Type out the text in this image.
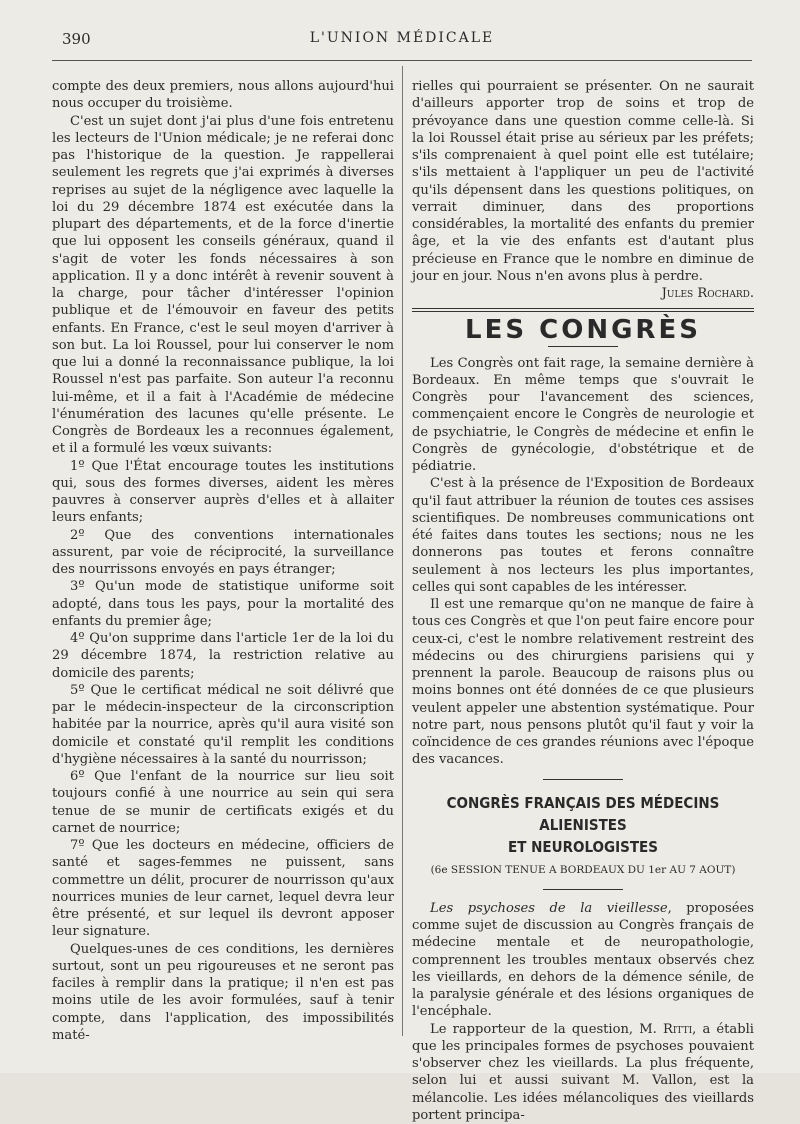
390	L'UNION MÉDICALE

compte des deux premiers, nous allons aujourd'hui nous occuper du troisième.

C'est un sujet dont j'ai plus d'une fois entretenu les lecteurs de l'Union médicale; je ne referai donc pas l'historique de la question. Je rappellerai seulement les regrets que j'ai exprimés à diverses reprises au sujet de la négligence avec laquelle la loi du 29 décembre 1874 est exécutée dans la plupart des départements, et de la force d'inertie que lui opposent les conseils généraux, quand il s'agit de voter les fonds nécessaires à son application. Il y a donc intérêt à revenir souvent à la charge, pour tâcher d'intéresser l'opinion publique et de l'émouvoir en faveur des petits enfants. En France, c'est le seul moyen d'arriver à son but. La loi Roussel, pour lui conserver le nom que lui a donné la reconnaissance publique, la loi Roussel n'est pas parfaite. Son auteur l'a reconnu lui-même, et il a fait à l'Académie de médecine l'énumération des lacunes qu'elle présente. Le Congrès de Bordeaux les a reconnues également, et il a formulé les vœux suivants:

1º Que l'État encourage toutes les institutions qui, sous des formes diverses, aident les mères pauvres à conserver auprès d'elles et à allaiter leurs enfants;

2º Que des conventions internationales assurent, par voie de réciprocité, la surveillance des nourrissons envoyés en pays étranger;

3º Qu'un mode de statistique uniforme soit adopté, dans tous les pays, pour la mortalité des enfants du premier âge;

4º Qu'on supprime dans l'article 1er de la loi du 29 décembre 1874, la restriction relative au domicile des parents;

5º Que le certificat médical ne soit délivré que par le médecin-inspecteur de la circonscription habitée par la nourrice, après qu'il aura visité son domicile et constaté qu'il remplit les conditions d'hygiène nécessaires à la santé du nourrisson;

6º Que l'enfant de la nourrice sur lieu soit toujours confié à une nourrice au sein qui sera tenue de se munir de certificats exigés et du carnet de nourrice;

7º Que les docteurs en médecine, officiers de santé et sages-femmes ne puissent, sans commettre un délit, procurer de nourrisson qu'aux nourrices munies de leur carnet, lequel devra leur être présenté, et sur lequel ils devront apposer leur signature.

Quelques-unes de ces conditions, les dernières surtout, sont un peu rigoureuses et ne seront pas faciles à remplir dans la pratique; il n'en est pas moins utile de les avoir formulées, sauf à tenir compte, dans l'application, des impossibilités maté-

rielles qui pourraient se présenter. On ne saurait d'ailleurs apporter trop de soins et trop de prévoyance dans une question comme celle-là. Si la loi Roussel était prise au sérieux par les préfets; s'ils comprenaient à quel point elle est tutélaire; s'ils mettaient à l'appliquer un peu de l'activité qu'ils dépensent dans les questions politiques, on verrait diminuer, dans des proportions considérables, la mortalité des enfants du premier âge, et la vie des enfants est d'autant plus précieuse en France que le nombre en diminue de jour en jour. Nous n'en avons plus à perdre.

Jules Rochard.
LES CONGRÈS

Les Congrès ont fait rage, la semaine dernière à Bordeaux. En même temps que s'ouvrait le Congrès pour l'avancement des sciences, commençaient encore le Congrès de neurologie et de psychiatrie, le Congrès de médecine et enfin le Congrès de gynécologie, d'obstétrique et de pédiatrie.

C'est à la présence de l'Exposition de Bordeaux qu'il faut attribuer la réunion de toutes ces assises scientifiques. De nombreuses communications ont été faites dans toutes les sections; nous ne les donnerons pas toutes et ferons connaître seulement à nos lecteurs les plus importantes, celles qui sont capables de les intéresser.

Il est une remarque qu'on ne manque de faire à tous ces Congrès et que l'on peut faire encore pour ceux-ci, c'est le nombre relativement restreint des médecins ou des chirurgiens parisiens qui y prennent la parole. Beaucoup de raisons plus ou moins bonnes ont été données de ce que plusieurs veulent appeler une abstention systématique. Pour notre part, nous pensons plutôt qu'il faut y voir la coïncidence de ces grandes réunions avec l'époque des vacances.

CONGRÈS FRANÇAIS DES MÉDECINS ALIENISTES
ET NEUROLOGISTES
(6e SESSION TENUE A BORDEAUX DU 1er AU 7 AOUT)

Les psychoses de la vieillesse, proposées comme sujet de discussion au Congrès français de médecine mentale et de neuropathologie, comprennent les troubles mentaux observés chez les vieillards, en dehors de la démence sénile, de la paralysie générale et des lésions organiques de l'encéphale.

Le rapporteur de la question, M. Ritti, a établi que les principales formes de psychoses pouvaient s'observer chez les vieillards. La plus fréquente, selon lui et aussi suivant M. Vallon, est la mélancolie. Les idées mélancoliques des vieillards portent principa-
